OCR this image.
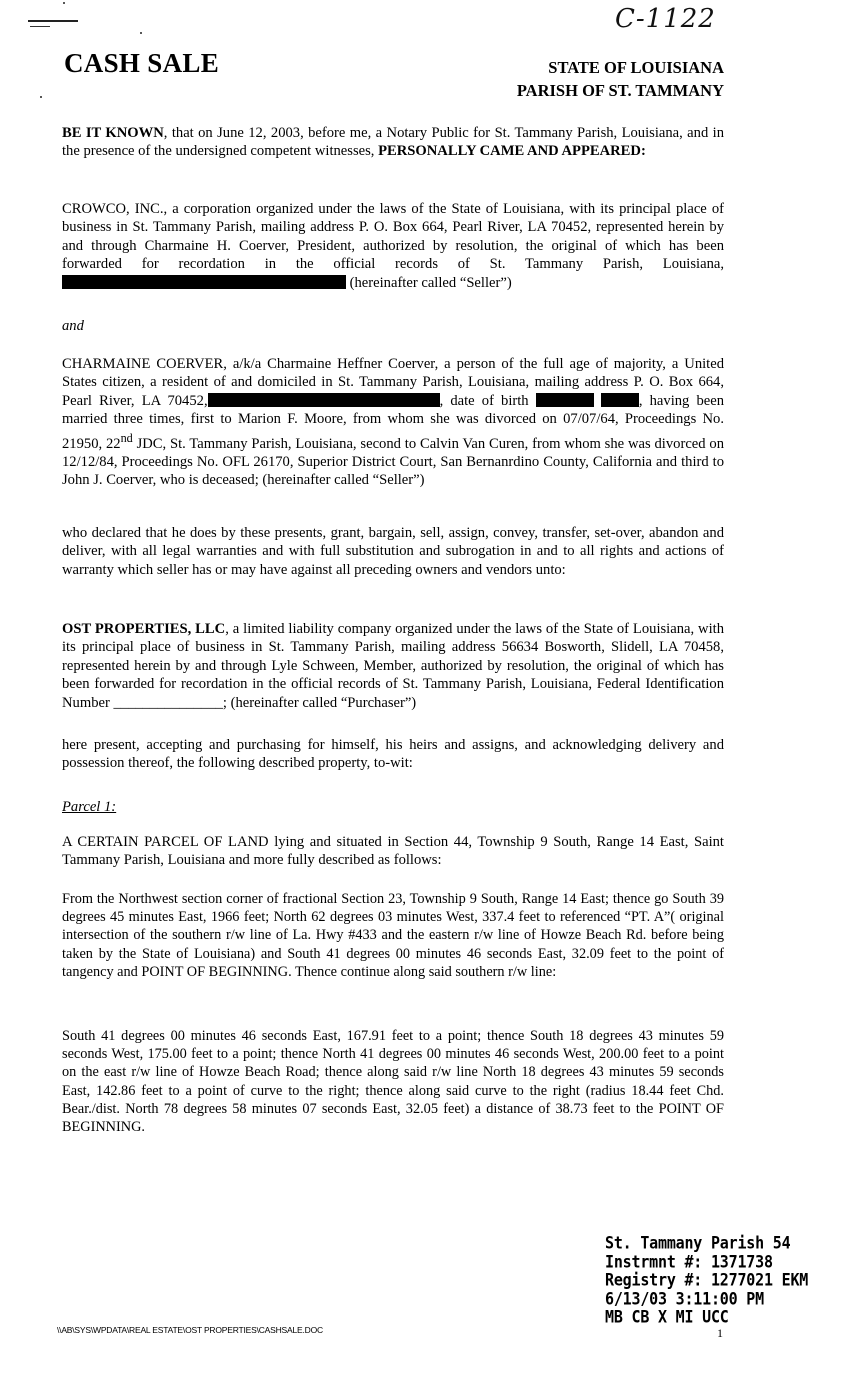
C-1122
CASH SALE	STATE OF LOUISIANA
PARISH OF ST. TAMMANY
BE IT KNOWN, that on June 12, 2003, before me, a Notary Public for St. Tammany Parish, Louisiana, and in the presence of the undersigned competent witnesses, PERSONALLY CAME AND APPEARED:
CROWCO, INC., a corporation organized under the laws of the State of Louisiana, with its principal place of business in St. Tammany Parish, mailing address P. O. Box 664, Pearl River, LA 70452, represented herein by and through Charmaine H. Coerver, President, authorized by resolution, the original of which has been forwarded for recordation in the official records of St. Tammany Parish, Louisiana,  (hereinafter called “Seller”)
and
CHARMAINE COERVER, a/k/a Charmaine Heffner Coerver, a person of the full age of majority, a United States citizen, a resident of and domiciled in St. Tammany Parish, Louisiana, mailing address P. O. Box 664, Pearl River, LA 70452,	, date of birth	, having been married three times, first to Marion F. Moore, from whom she was divorced on 07/07/64, Proceedings No. 21950, 22nd JDC, St. Tammany Parish, Louisiana, second to Calvin Van Curen, from whom she was divorced on 12/12/84, Proceedings No. OFL 26170, Superior District Court, San Bernanrdino County, California and third to John J. Coerver, who is deceased; (hereinafter called “Seller”)
who declared that he does by these presents, grant, bargain, sell, assign, convey, transfer, set-over, abandon and deliver, with all legal warranties and with full substitution and subrogation in and to all rights and actions of warranty which seller has or may have against all preceding owners and vendors unto:
OST PROPERTIES, LLC, a limited liability company organized under the laws of the State of Louisiana, with its principal place of business in St. Tammany Parish, mailing address 56634 Bosworth, Slidell, LA 70458, represented herein by and through Lyle Schween, Member, authorized by resolution, the original of which has been forwarded for recordation in the official records of St. Tammany Parish, Louisiana, Federal Identification Number _______________; (hereinafter called “Purchaser”)
here present, accepting and purchasing for himself, his heirs and assigns, and acknowledging delivery and possession thereof, the following described property, to-wit:
Parcel 1:
A CERTAIN PARCEL OF LAND lying and situated in Section 44, Township 9 South, Range 14 East, Saint Tammany Parish, Louisiana and more fully described as follows:
From the Northwest section corner of fractional Section 23, Township 9 South, Range 14 East; thence go South 39 degrees 45 minutes East, 1966 feet; North 62 degrees 03 minutes West, 337.4 feet to referenced “PT. A”( original intersection of the southern r/w line of La. Hwy #433 and the eastern r/w line of Howze Beach Rd. before being taken by the State of Louisiana) and South 41 degrees 00 minutes 46 seconds East, 32.09 feet to the point of tangency and POINT OF BEGINNING. Thence continue along said southern r/w line:
South 41 degrees 00 minutes 46 seconds East, 167.91 feet to a point; thence South 18 degrees 43 minutes 59 seconds West, 175.00 feet to a point; thence North 41 degrees 00 minutes 46 seconds West, 200.00 feet to a point on the east r/w line of Howze Beach Road; thence along said r/w line North 18 degrees 43 minutes 59 seconds East, 142.86 feet to a point of curve to the right; thence along said curve to the right (radius 18.44 feet Chd. Bear./dist. North 78 degrees 58 minutes 07 seconds East, 32.05 feet) a distance of 38.73 feet to the POINT OF BEGINNING.
St. Tammany Parish 54
Instrmnt #: 1371738
Registry #: 1277021 EKM
6/13/03 3:11:00 PM
MB CB X MI UCC
\\AB\SYS\WPDATA\REAL ESTATE\OST PROPERTIES\CASHSALE.DOC	1
